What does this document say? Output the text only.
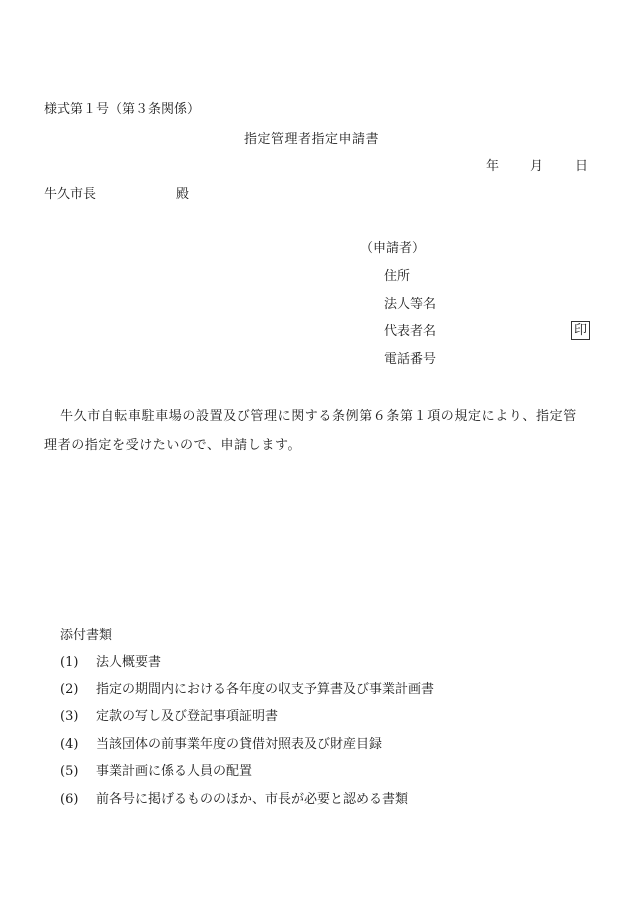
様式第１号（第３条関係）
指定管理者指定申請書
年 月 日
牛久市長	殿
（申請者）
住所
法人等名
代表者名	印
電話番号
牛久市自転車駐車場の設置及び管理に関する条例第６条第１項の規定により、指定管理者の指定を受けたいので、申請します。
添付書類
(1) 法人概要書
(2) 指定の期間内における各年度の収支予算書及び事業計画書
(3) 定款の写し及び登記事項証明書
(4) 当該団体の前事業年度の貸借対照表及び財産目録
(5) 事業計画に係る人員の配置
(6) 前各号に掲げるもののほか、市長が必要と認める書類
